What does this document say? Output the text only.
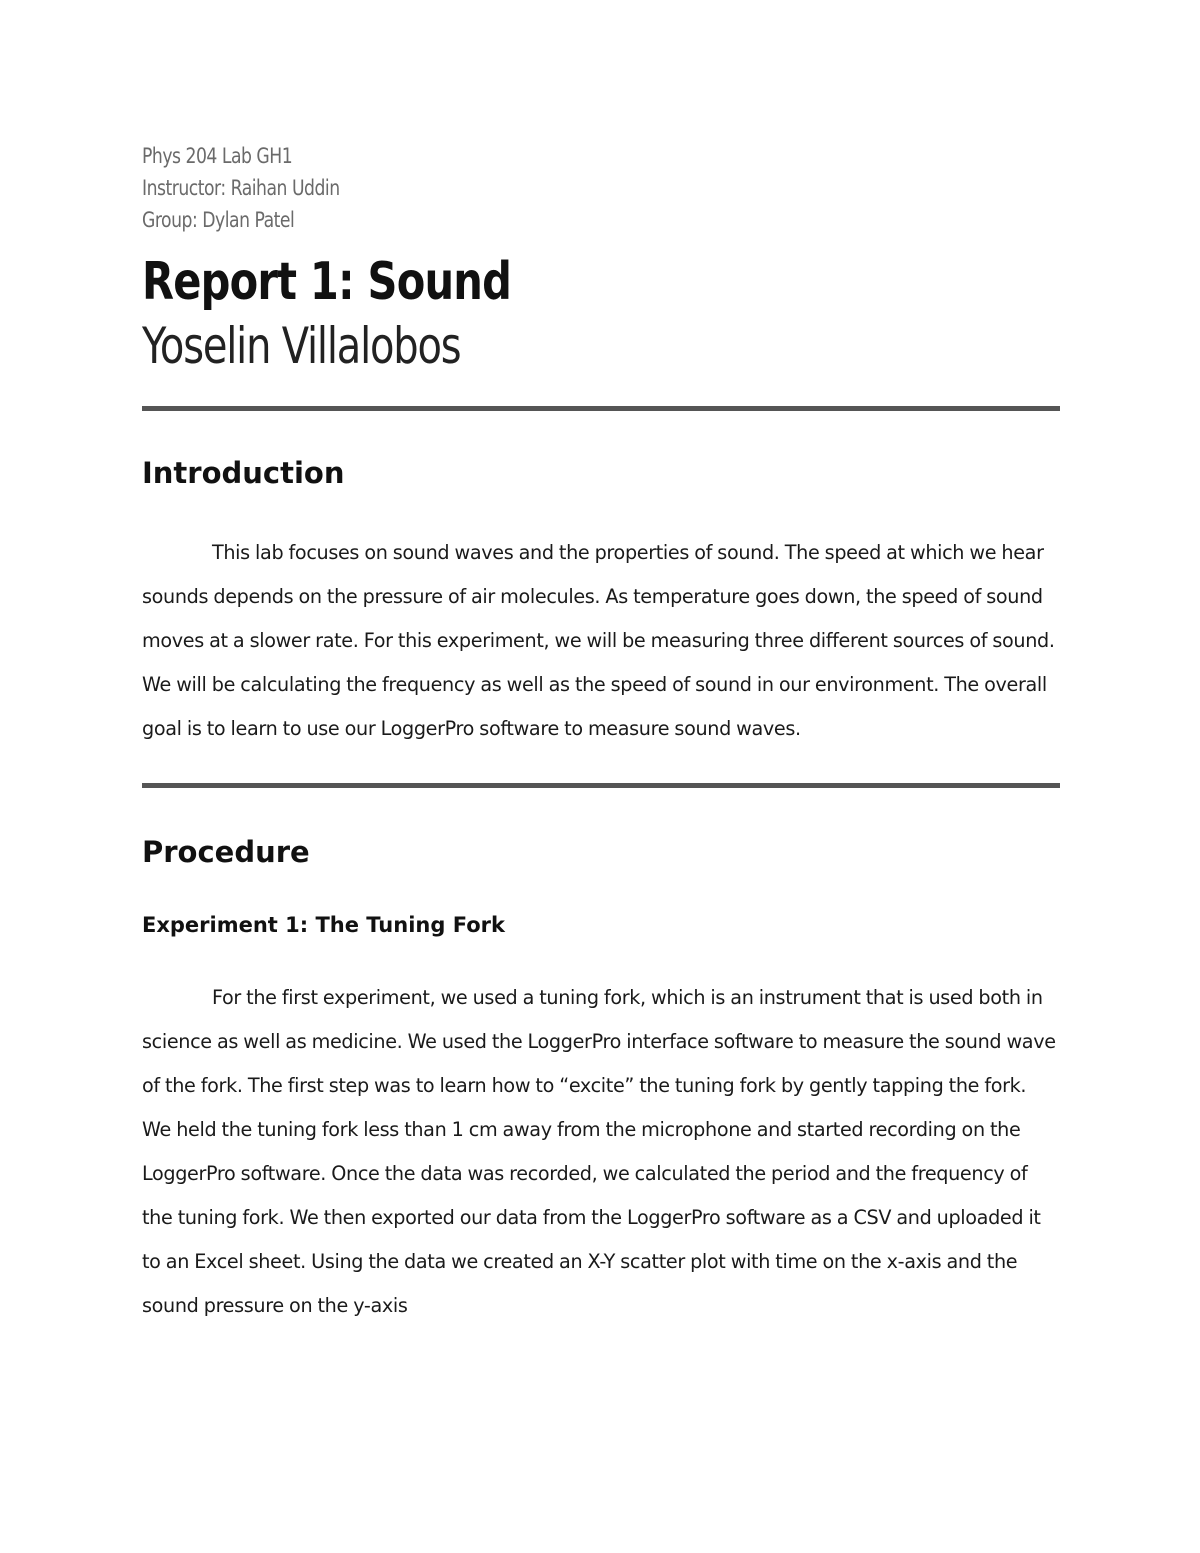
Phys 204 Lab GH1
Instructor: Raihan Uddin
Group: Dylan Patel
Report 1: Sound
Yoselin Villalobos
Introduction

This lab focuses on sound waves and the properties of sound. The speed at which we hear sounds depends on the pressure of air molecules. As temperature goes down, the speed of sound moves at a slower rate. For this experiment, we will be measuring three different sources of sound. We will be calculating the frequency as well as the speed of sound in our environment. The overall goal is to learn to use our LoggerPro software to measure sound waves.

Procedure
Experiment 1: The Tuning Fork

For the first experiment, we used a tuning fork, which is an instrument that is used both in science as well as medicine. We used the LoggerPro interface software to measure the sound wave of the fork. The first step was to learn how to “excite” the tuning fork by gently tapping the fork. We held the tuning fork less than 1 cm away from the microphone and started recording on the LoggerPro software. Once the data was recorded, we calculated the period and the frequency of the tuning fork. We then exported our data from the LoggerPro software as a CSV and uploaded it to an Excel sheet. Using the data we created an X-Y scatter plot with time on the x-axis and the sound pressure on the y-axis
